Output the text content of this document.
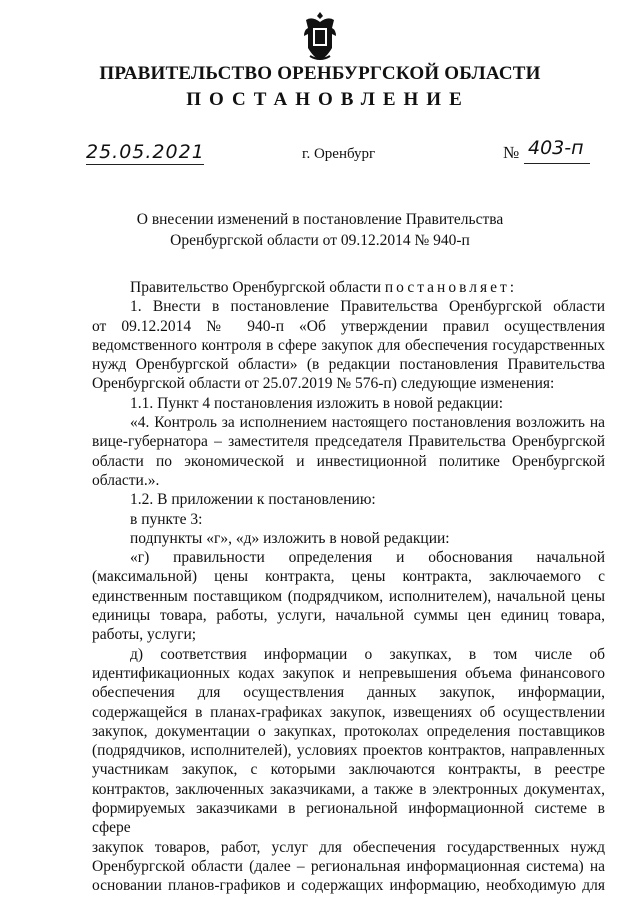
ПРАВИТЕЛЬСТВО ОРЕНБУРГСКОЙ ОБЛАСТИ
ПОСТАНОВЛЕНИЕ
25.05.2021	г. Оренбург	№ 403-п
О внесении изменений в постановление Правительства
Оренбургской области от 09.12.2014 № 940-п

Правительство Оренбургской области постановляет:

1. Внести в постановление Правительства Оренбургской области

от 09.12.2014 № 940-п «Об утверждении правил осуществления

ведомственного контроля в сфере закупок для обеспечения государственных

нужд Оренбургской области» (в редакции постановления Правительства

Оренбургской области от 25.07.2019 № 576-п) следующие изменения:

1.1. Пункт 4 постановления изложить в новой редакции:

«4. Контроль за исполнением настоящего постановления возложить на

вице-губернатора – заместителя председателя Правительства Оренбургской

области по экономической и инвестиционной политике Оренбургской

области.».

1.2. В приложении к постановлению:

в пункте 3:

подпункты «г», «д» изложить в новой редакции:

«г) правильности определения и обоснования начальной

(максимальной) цены контракта, цены контракта, заключаемого с

единственным поставщиком (подрядчиком, исполнителем), начальной цены

единицы товара, работы, услуги, начальной суммы цен единиц товара,

работы, услуги;

д) соответствия информации о закупках, в том числе об

идентификационных кодах закупок и непревышения объема финансового

обеспечения для осуществления данных закупок, информации,

содержащейся в планах-графиках закупок, извещениях об осуществлении

закупок, документации о закупках, протоколах определения поставщиков

(подрядчиков, исполнителей), условиях проектов контрактов, направленных

участникам закупок, с которыми заключаются контракты, в реестре

контрактов, заключенных заказчиками, а также в электронных документах,

формируемых заказчиками в региональной информационной системе в сфере

закупок товаров, работ, услуг для обеспечения государственных нужд

Оренбургской области (далее – региональная информационная система) на

основании планов-графиков и содержащих информацию, необходимую для
